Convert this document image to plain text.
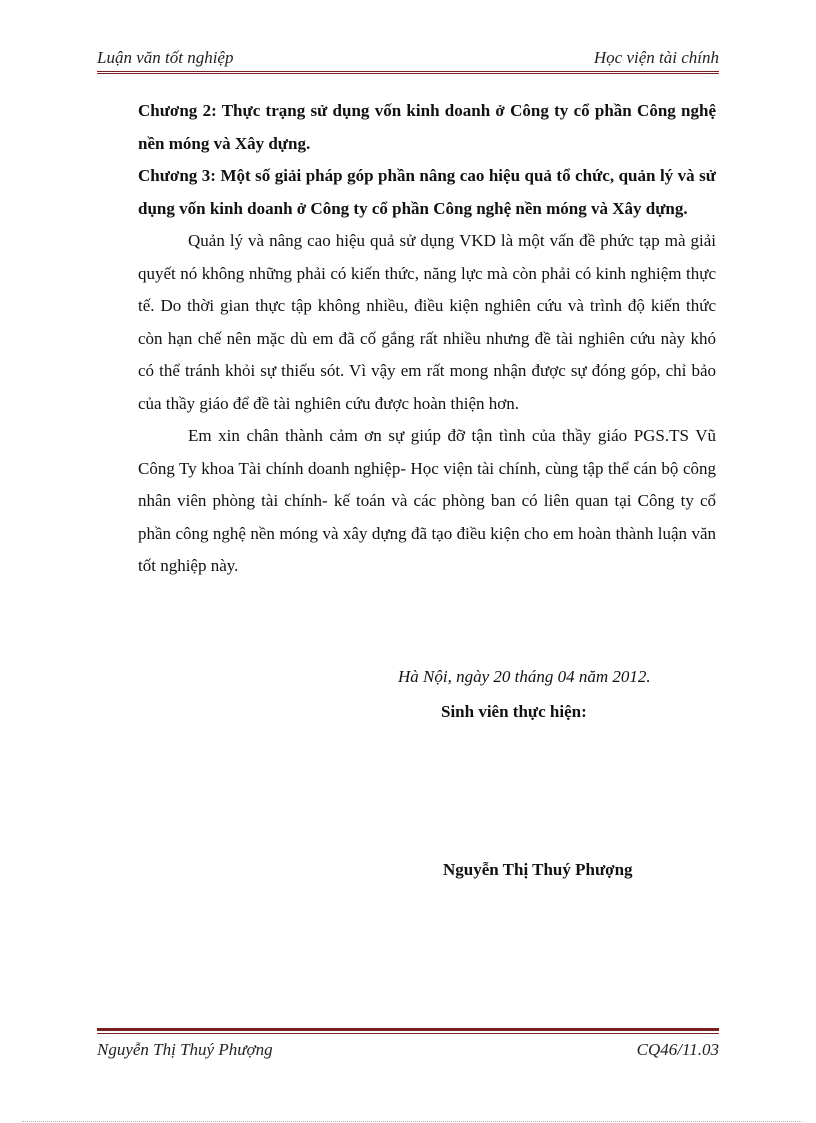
Luận văn tốt nghiệp	Học viện tài chính

Chương 2: Thực trạng sử dụng vốn kinh doanh ở Công ty cổ phần Công nghệ nền móng và Xây dựng.

Chương 3: Một số giải pháp góp phần nâng cao hiệu quả tổ chức, quản lý và sử dụng vốn kinh doanh ở Công ty cổ phần Công nghệ nền móng và Xây dựng.

Quản lý và nâng cao hiệu quả sử dụng VKD là một vấn đề phức tạp mà giải quyết nó không những phải có kiến thức, năng lực mà còn phải có kinh nghiệm thực tế. Do thời gian thực tập không nhiều, điều kiện nghiên cứu và trình độ kiến thức còn hạn chế nên mặc dù em đã cố gắng rất nhiều nhưng đề tài nghiên cứu này khó có thể tránh khỏi sự thiếu sót. Vì vậy em rất mong nhận được sự đóng góp, chỉ bảo của thầy giáo để đề tài nghiên cứu được hoàn thiện hơn.

Em xin chân thành cảm ơn sự giúp đỡ tận tình của thầy giáo PGS.TS Vũ Công Ty khoa Tài chính doanh nghiệp- Học viện tài chính, cùng tập thể cán bộ công nhân viên phòng tài chính- kế toán và các phòng ban có liên quan tại Công ty cổ phần công nghệ nền móng và xây dựng đã tạo điều kiện cho em hoàn thành luận văn tốt nghiệp này.

Hà Nội, ngày 20 tháng 04 năm 2012.
Sinh viên thực hiện:
Nguyễn Thị Thuý Phượng
Nguyễn Thị Thuý Phượng	CQ46/11.03
